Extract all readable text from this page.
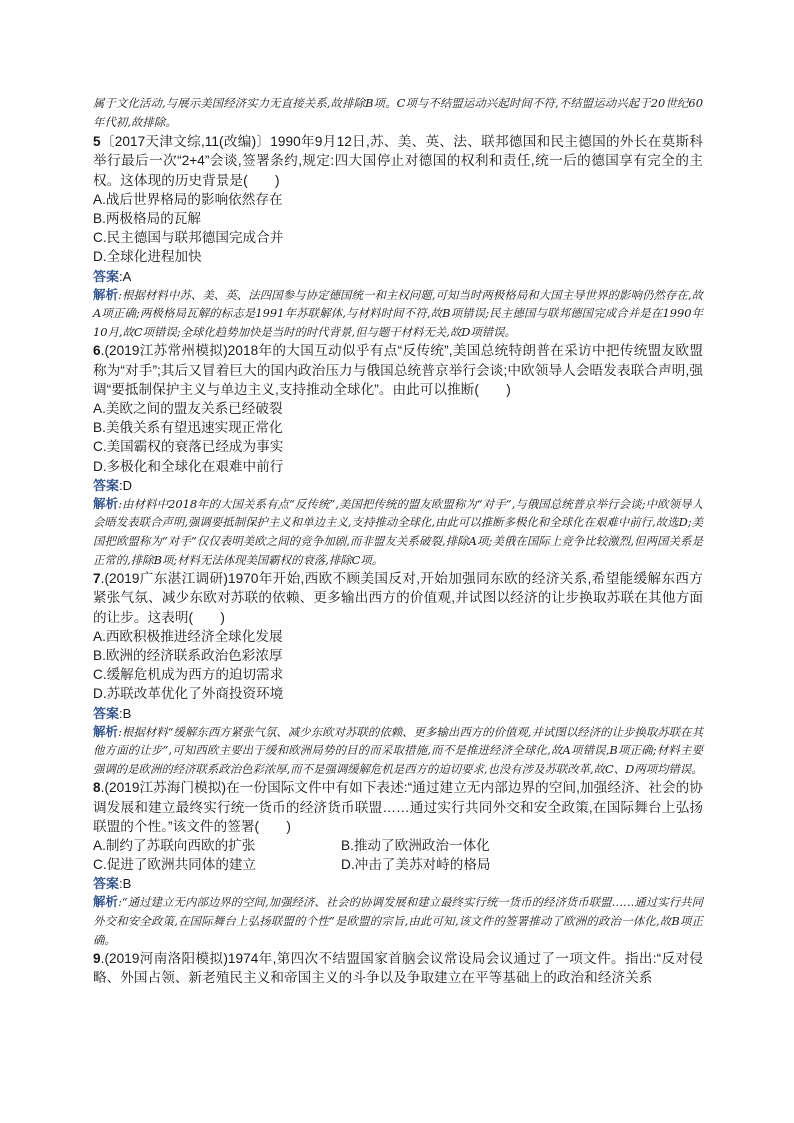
属于文化活动,与展示美国经济实力无直接关系,故排除B项。C项与不结盟运动兴起时间不符,不结盟运动兴起于20世纪60年代初,故排除。

5〔2017天津文综,11(改编)〕1990年9月12日,苏、美、英、法、联邦德国和民主德国的外长在莫斯科举行最后一次“2+4”会谈,签署条约,规定:四大国停止对德国的权利和责任,统一后的德国享有完全的主权。这体现的历史背景是(　　)

A.战后世界格局的影响依然存在

B.两极格局的瓦解

C.民主德国与联邦德国完成合并

D.全球化进程加快

答案:A

解析:根据材料中苏、美、英、法四国参与协定德国统一和主权问题,可知当时两极格局和大国主导世界的影响仍然存在,故A项正确;两极格局瓦解的标志是1991年苏联解体,与材料时间不符,故B项错误;民主德国与联邦德国完成合并是在1990年10月,故C项错误;全球化趋势加快是当时的时代背景,但与题干材料无关,故D项错误。

6.(2019江苏常州模拟)2018年的大国互动似乎有点“反传统”,美国总统特朗普在采访中把传统盟友欧盟称为“对手”;其后又冒着巨大的国内政治压力与俄国总统普京举行会谈;中欧领导人会晤发表联合声明,强调“要抵制保护主义与单边主义,支持推动全球化”。由此可以推断(　　)

A.美欧之间的盟友关系已经破裂

B.美俄关系有望迅速实现正常化

C.美国霸权的衰落已经成为事实

D.多极化和全球化在艰难中前行

答案:D

解析:由材料中2018年的大国关系有点“反传统”,美国把传统的盟友欧盟称为“对手”,与俄国总统普京举行会谈;中欧领导人会晤发表联合声明,强调要抵制保护主义和单边主义,支持推动全球化,由此可以推断多极化和全球化在艰难中前行,故选D;美国把欧盟称为“对手”仅仅表明美欧之间的竞争加剧,而非盟友关系破裂,排除A项;美俄在国际上竞争比较激烈,但两国关系是正常的,排除B项;材料无法体现美国霸权的衰落,排除C项。

7.(2019广东湛江调研)1970年开始,西欧不顾美国反对,开始加强同东欧的经济关系,希望能缓解东西方紧张气氛、减少东欧对苏联的依赖、更多输出西方的价值观,并试图以经济的让步换取苏联在其他方面的让步。这表明(　　)

A.西欧积极推进经济全球化发展

B.欧洲的经济联系政治色彩浓厚

C.缓解危机成为西方的迫切需求

D.苏联改革优化了外商投资环境

答案:B

解析:根据材料“缓解东西方紧张气氛、减少东欧对苏联的依赖、更多输出西方的价值观,并试图以经济的让步换取苏联在其他方面的让步”,可知西欧主要出于缓和欧洲局势的目的而采取措施,而不是推进经济全球化,故A项错误,B项正确;材料主要强调的是欧洲的经济联系政治色彩浓厚,而不是强调缓解危机是西方的迫切要求,也没有涉及苏联改革,故C、D两项均错误。

8.(2019江苏海门模拟)在一份国际文件中有如下表述:“通过建立无内部边界的空间,加强经济、社会的协调发展和建立最终实行统一货币的经济货币联盟……通过实行共同外交和安全政策,在国际舞台上弘扬联盟的个性。”该文件的签署(　　)

A.制约了苏联向西欧的扩张	B.推动了欧洲政治一体化

C.促进了欧洲共同体的建立	D.冲击了美苏对峙的格局

答案:B

解析:“通过建立无内部边界的空间,加强经济、社会的协调发展和建立最终实行统一货币的经济货币联盟……通过实行共同外交和安全政策,在国际舞台上弘扬联盟的个性”是欧盟的宗旨,由此可知,该文件的签署推动了欧洲的政治一体化,故B项正确。

9.(2019河南洛阳模拟)1974年,第四次不结盟国家首脑会议常设局会议通过了一项文件。指出:“反对侵略、外国占领、新老殖民主义和帝国主义的斗争以及争取建立在平等基础上的政治和经济关系
